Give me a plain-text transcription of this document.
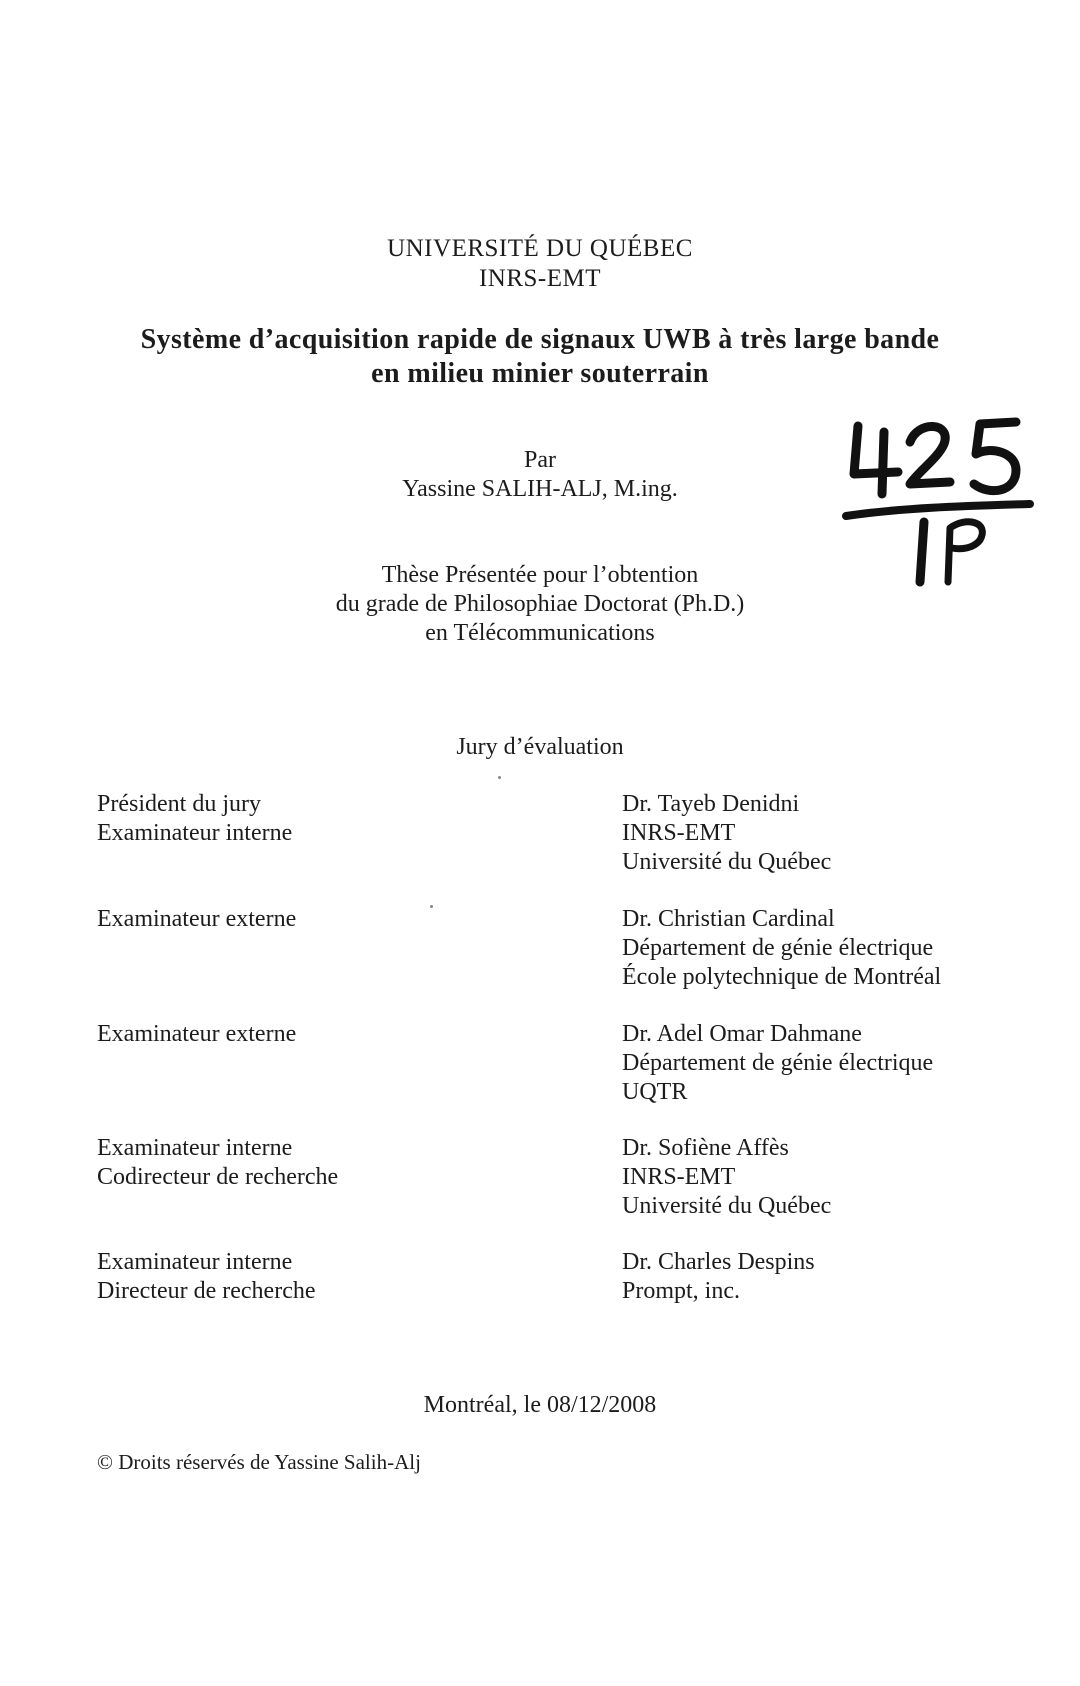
UNIVERSITÉ DU QUÉBEC
INRS-EMT
Système d’acquisition rapide de signaux UWB à très large bande
en milieu minier souterrain
Par
Yassine SALIH-ALJ, M.ing.
Thèse Présentée pour l’obtention
du grade de Philosophiae Doctorat (Ph.D.)
en Télécommunications
Jury d’évaluation
Président du jury
Examinateur interne
Dr. Tayeb Denidni
INRS-EMT
Université du Québec
Examinateur externe	Dr. Christian Cardinal
Département de génie électrique
École polytechnique de Montréal
Examinateur externe	Dr. Adel Omar Dahmane
Département de génie électrique
UQTR
Examinateur interne
Codirecteur de recherche
Dr. Sofiène Affès
INRS-EMT
Université du Québec
Examinateur interne
Directeur de recherche
Dr. Charles Despins
Prompt, inc.
Montréal, le 08/12/2008
© Droits réservés de Yassine Salih-Alj
